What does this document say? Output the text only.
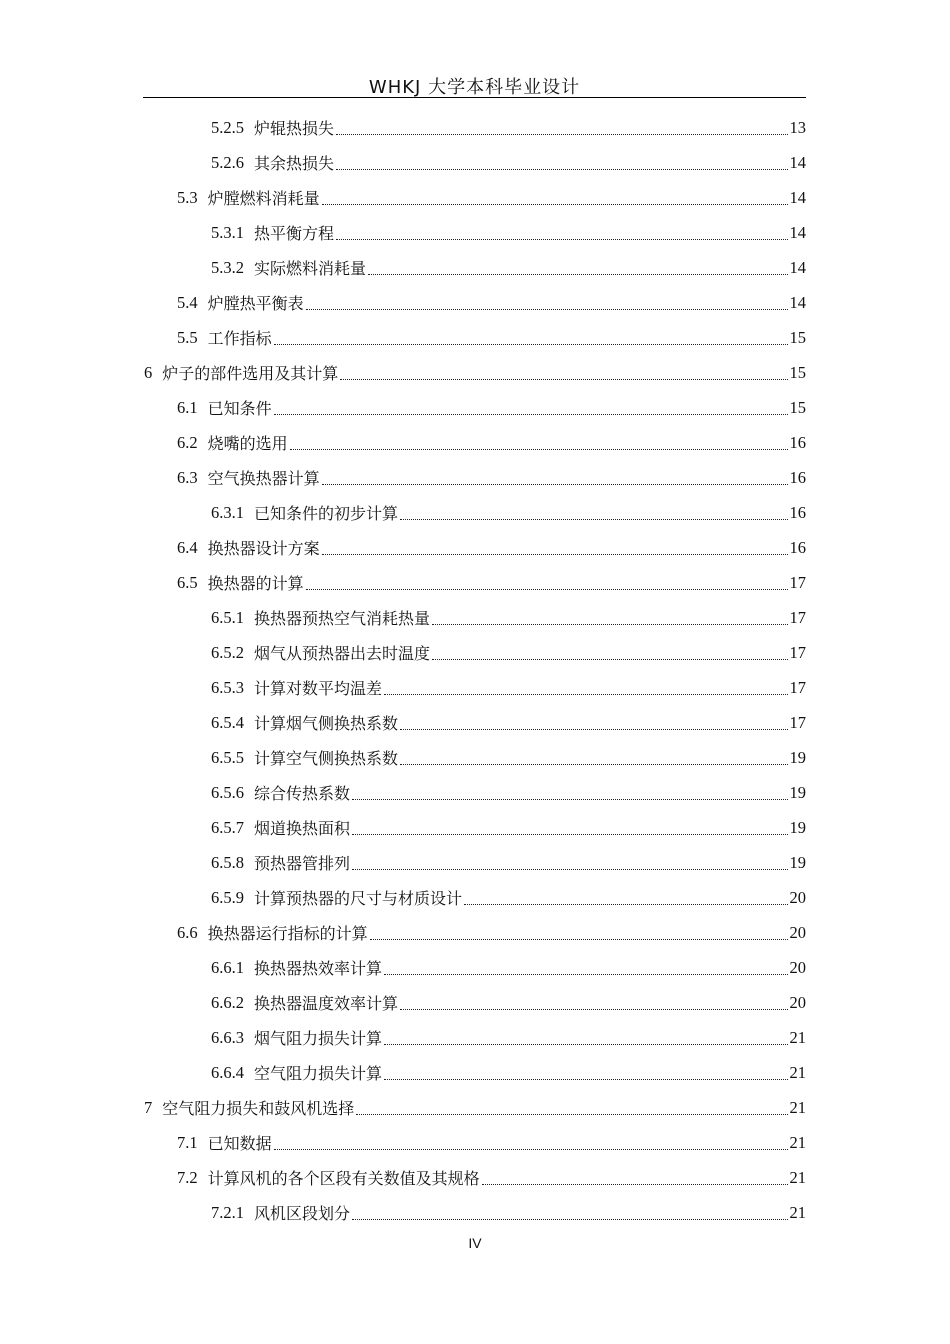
WHKJ 大学本科毕业设计
5.2.5 炉辊热损失	13
5.2.6 其余热损失	14
5.3 炉膛燃料消耗量	14
5.3.1 热平衡方程	14
5.3.2 实际燃料消耗量	14
5.4 炉膛热平衡表	14
5.5 工作指标	15
6 炉子的部件选用及其计算	15
6.1 已知条件	15
6.2 烧嘴的选用	16
6.3 空气换热器计算	16
6.3.1 已知条件的初步计算	16
6.4 换热器设计方案	16
6.5 换热器的计算	17
6.5.1 换热器预热空气消耗热量	17
6.5.2 烟气从预热器出去时温度	17
6.5.3 计算对数平均温差	17
6.5.4 计算烟气侧换热系数	17
6.5.5 计算空气侧换热系数	19
6.5.6 综合传热系数	19
6.5.7 烟道换热面积	19
6.5.8 预热器管排列	19
6.5.9 计算预热器的尺寸与材质设计	20
6.6 换热器运行指标的计算	20
6.6.1 换热器热效率计算	20
6.6.2 换热器温度效率计算	20
6.6.3 烟气阻力损失计算	21
6.6.4 空气阻力损失计算	21
7 空气阻力损失和鼓风机选择	21
7.1 已知数据	21
7.2 计算风机的各个区段有关数值及其规格	21
7.2.1 风机区段划分	21
IV
